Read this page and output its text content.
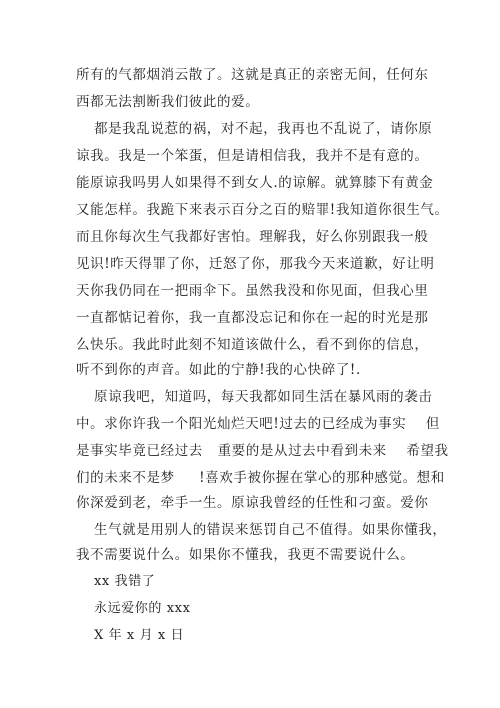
所有的气都烟消云散了。这就是真正的亲密无间，任何东
西都无法割断我们彼此的爱。
都是我乱说惹的祸，对不起，我再也不乱说了，请你原
谅我。我是一个笨蛋，但是请相信我，我并不是有意的。
能原谅我吗男人如果得不到女人.的谅解。就算膝下有黄金
又能怎样。我跪下来表示百分之百的赔罪!我知道你很生气。
而且你每次生气我都好害怕。理解我，好么你别跟我一般
见识!昨天得罪了你，迁怒了你，那我今天来道歉，好让明
天你我仍同在一把雨伞下。虽然我没和你见面，但我心里
一直都惦记着你，我一直都没忘记和你在一起的时光是那
么快乐。我此时此刻不知道该做什么，看不到你的信息，
听不到你的声音。如此的宁静!我的心快碎了!.
原谅我吧，知道吗，每天我都如同生活在暴风雨的袭击
中。求你许我一个阳光灿烂天吧!过去的已经成为事实    但
是事实毕竟已经过去   重要的是从过去中看到未来    希望我
们的未来不是梦     !喜欢手被你握在掌心的那种感觉。想和
你深爱到老，牵手一生。原谅我曾经的任性和刁蛮。爱你
生气就是用别人的错误来惩罚自己不值得。如果你懂我，
我不需要说什么。如果你不懂我，我更不需要说什么。
xx 我错了
永远爱你的 xxx
X 年 x 月 x 日
